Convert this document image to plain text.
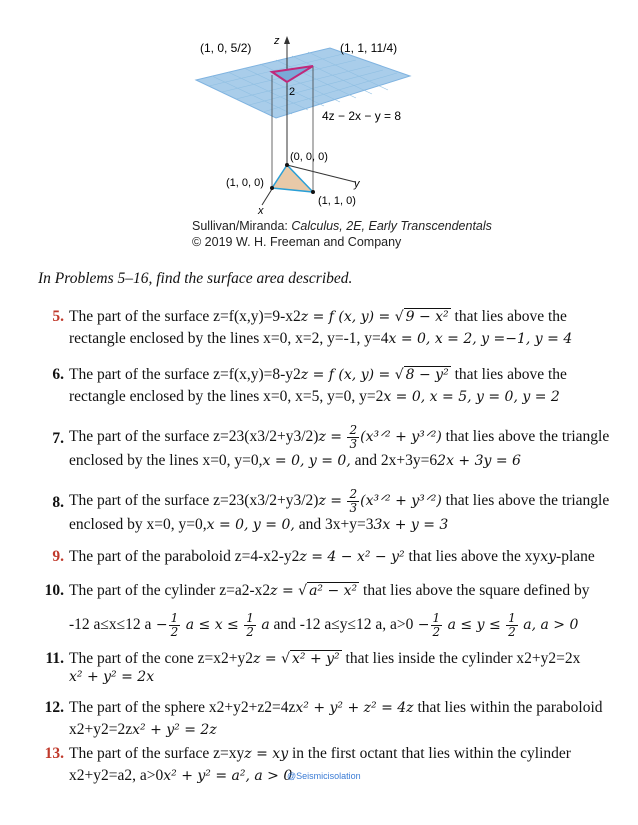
(1, 0, 5/2)	(1, 1, 11/4)
z
2
4z − 2x − y = 8
(0, 0, 0)
(1, 0, 0)	y
(1, 1, 0)
x
Sullivan/Miranda: Calculus, 2E, Early Transcendentals
© 2019 W. H. Freeman and Company
In Problems 5–16, find the surface area described.
5. The part of the surface z=f(x,y)=9-x2z = f (x, y) = √ 9 − x² that lies above the
rectangle enclosed by the lines x=0, x=2, y=-1, y=4x = 0, x = 2, y =−1, y = 4
6. The part of the surface z=f(x,y)=8-y2z = f (x, y) = √ 8 − y² that lies above the
rectangle enclosed by the lines x=0, x=5, y=0, y=2x = 0, x = 5, y = 0, y = 2
7. The part of the surface $z=23(x3/2+y3/2)z = \frac{2}{3}$ (x³ᐟ² + y³ᐟ²) that lies above the triangle
enclosed by the lines x=0, y=0,x = 0, y = 0, and 2x+3y=62x + 3y = 6
8. The part of the surface $z=23(x3/2+y3/2)z = \frac{2}{3}$ (x³ᐟ² + y³ᐟ²) that lies above the triangle
enclosed by x=0, y=0,x = 0, y = 0, and 3x+y=33x + y = 3
9. The part of the paraboloid z=4-x2-y2z = 4 − x² − y² that lies above the xyxy-plane
10. The part of the cylinder z=a2-x2z = √ a² − x² that lies above the square defined by
-12 a≤x≤12 $a - \frac{1}{2}$ $a \le x \le \frac{1}{2}$ a and -12 a≤y≤12 a, $a>0 - \frac{1}{2}$ $a \le y \le \frac{1}{2} a$, a > 0
11. The part of the cone z=x2+y2z = √ x² + y² that lies inside the cylinder x2+y2=2x
x² + y² = 2x
12. The part of the sphere x2+y2+z2=4zx² + y² + z² = 4z that lies within the paraboloid
x2+y2=2zx² + y² = 2z
13. The part of the surface z=xyz = xy in the first octant that lies within the cylinder
x2+y2=a2, a>0x² + y² = a², a > 0
@Seismicisolation
